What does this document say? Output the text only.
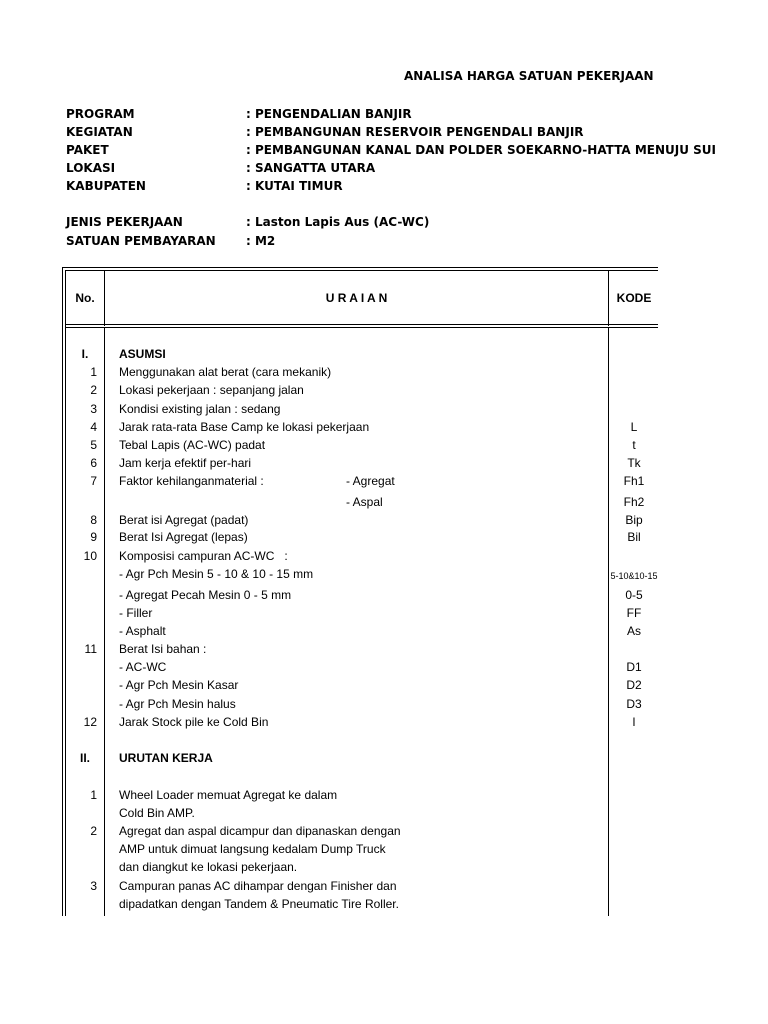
ANALISA HARGA SATUAN PEKERJAAN
PROGRAM	: PENGENDALIAN BANJIR
KEGIATAN	: PEMBANGUNAN RESERVOIR PENGENDALI BANJIR
PAKET	: PEMBANGUNAN KANAL DAN POLDER SOEKARNO-HATTA MENUJU SUI
LOKASI	: SANGATTA UTARA
KABUPATEN	: KUTAI TIMUR
JENIS PEKERJAAN	: Laston Lapis Aus (AC-WC)
SATUAN PEMBAYARAN	: M2
No.	U R A I A N	KODE
I.	ASUMSI
1 Menggunakan alat berat (cara mekanik)
2 Lokasi pekerjaan : sepanjang jalan
3 Kondisi existing jalan : sedang
4 Jarak rata-rata Base Camp ke lokasi pekerjaan	L
5 Tebal Lapis (AC-WC) padat	t
6 Jam kerja efektif per-hari	Tk
7 Faktor kehilanganmaterial :	- Agregat	Fh1
- Aspal	Fh2
8 Berat isi Agregat (padat)	Bip
9 Berat Isi Agregat (lepas)	Bil
10 Komposisi campuran AC-WC   :
- Agr Pch Mesin 5 - 10 & 10 - 15 mm	5-10&10-15
- Agregat Pecah Mesin 0 - 5 mm	0-5
- Filler	FF
- Asphalt	As
11 Berat Isi bahan :
- AC-WC	D1
- Agr Pch Mesin Kasar	D2
- Agr Pch Mesin halus	D3
12 Jarak Stock pile ke Cold Bin	l
II.	URUTAN KERJA
1 Wheel Loader memuat Agregat ke dalam
Cold Bin AMP.
2 Agregat dan aspal dicampur dan dipanaskan dengan
AMP untuk dimuat langsung kedalam Dump Truck
dan diangkut ke lokasi pekerjaan.
3 Campuran panas AC dihampar dengan Finisher dan
dipadatkan dengan Tandem & Pneumatic Tire Roller.
